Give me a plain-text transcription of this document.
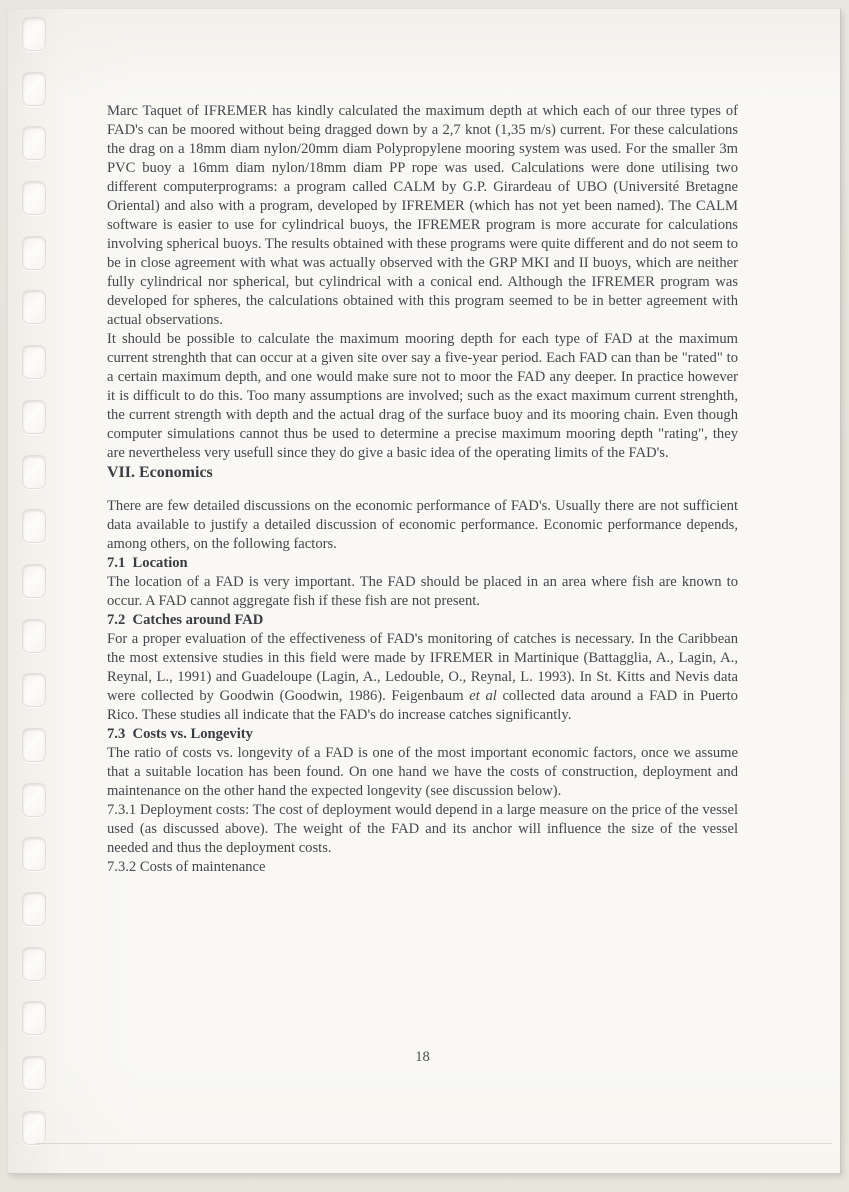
Marc Taquet of IFREMER has kindly calculated the maximum depth at which each of our three types of FAD's can be moored without being dragged down by a 2,7 knot (1,35 m/s) current. For these calculations the drag on a 18mm diam nylon/20mm diam Polypropylene mooring system was used. For the smaller 3m PVC buoy a 16mm diam nylon/18mm diam PP rope was used. Calculations were done utilising two different computerprograms: a program called CALM by G.P. Girardeau of UBO (Université Bretagne Oriental) and also with a program, developed by IFREMER (which has not yet been named). The CALM software is easier to use for cylindrical buoys, the IFREMER program is more accurate for calculations involving spherical buoys. The results obtained with these programs were quite different and do not seem to be in close agreement with what was actually observed with the GRP MKI and II buoys, which are neither fully cylindrical nor spherical, but cylindrical with a conical end. Although the IFREMER program was developed for spheres, the calculations obtained with this program seemed to be in better agreement with actual observations.

It should be possible to calculate the maximum mooring depth for each type of FAD at the maximum current strenghth that can occur at a given site over say a five-year period. Each FAD can than be "rated" to a certain maximum depth, and one would make sure not to moor the FAD any deeper. In practice however it is difficult to do this. Too many assumptions are involved; such as the exact maximum current strenghth, the current strength with depth and the actual drag of the surface buoy and its mooring chain. Even though computer simulations cannot thus be used to determine a precise maximum mooring depth "rating", they are nevertheless very usefull since they do give a basic idea of the operating limits of the FAD's.

VII. Economics

There are few detailed discussions on the economic performance of FAD's. Usually there are not sufficient data available to justify a detailed discussion of economic performance. Economic performance depends, among others, on the following factors.

7.1  Location

The location of a FAD is very important. The FAD should be placed in an area where fish are known to occur. A FAD cannot aggregate fish if these fish are not present.

7.2  Catches around FAD

For a proper evaluation of the effectiveness of FAD's monitoring of catches is necessary. In the Caribbean the most extensive studies in this field were made by IFREMER in Martinique (Battagglia, A., Lagin, A., Reynal, L., 1991) and Guadeloupe (Lagin, A., Ledouble, O., Reynal, L. 1993). In St. Kitts and Nevis data were collected by Goodwin (Goodwin, 1986). Feigenbaum et al collected data around a FAD in Puerto Rico. These studies all indicate that the FAD's do increase catches significantly.

7.3  Costs vs. Longevity

The ratio of costs vs. longevity of a FAD is one of the most important economic factors, once we assume that a suitable location has been found. On one hand we have the costs of construction, deployment and maintenance on the other hand the expected longevity (see discussion below).

7.3.1 Deployment costs: The cost of deployment would depend in a large measure on the price of the vessel used (as discussed above). The weight of the FAD and its anchor will influence the size of the vessel needed and thus the deployment costs.

7.3.2 Costs of maintenance

18
